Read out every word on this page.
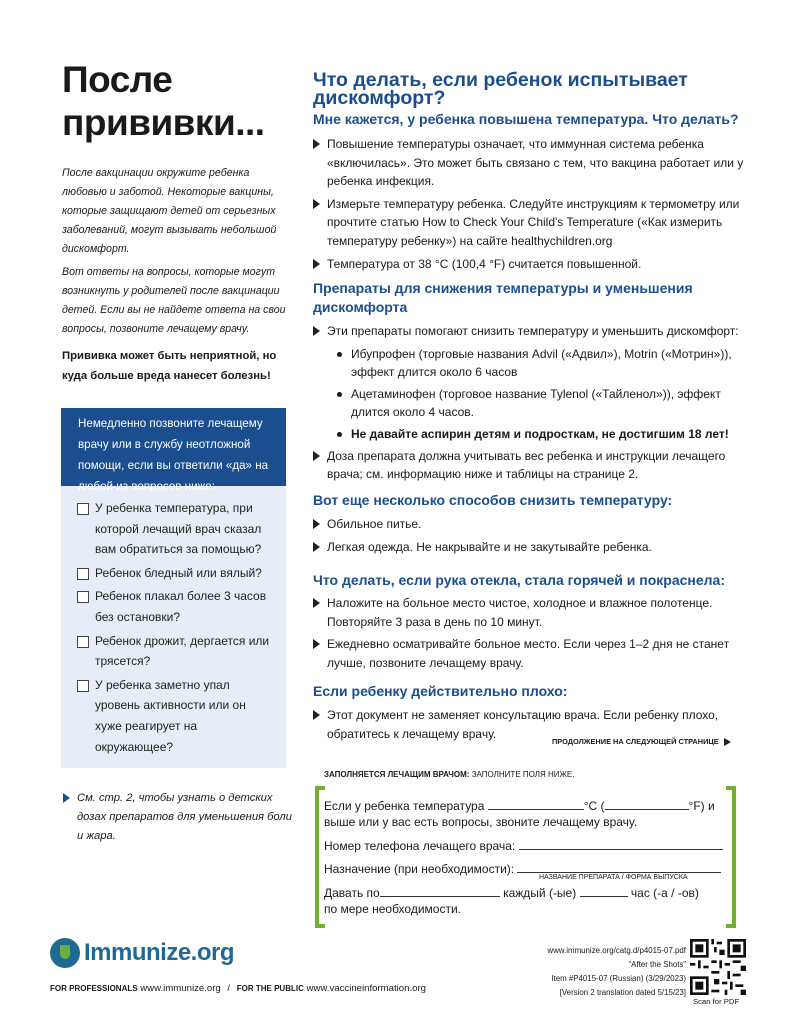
После
прививки...

После вакцинации окружите ребенка любовью и заботой. Некоторые вакцины, которые защищают детей от серьезных заболеваний, могут вызывать небольшой дискомфорт.

Вот ответы на вопросы, которые могут возникнуть у родителей после вакцинации детей. Если вы не найдете ответа на свои вопросы, позвоните лечащему врачу.

Прививка может быть неприятной, но куда больше вреда нанесет болезнь!

Немедленно позвоните лечащему врачу или в службу неотложной помощи, если вы ответили «да» на любой из вопросов ниже:
У ребенка температура, при которой лечащий врач сказал вам обратиться за помощью?
Ребенок бледный или вялый?
Ребенок плакал более 3 часов без остановки?
Ребенок дрожит, дергается или трясется?
У ребенка заметно упал уровень активности или он хуже реагирует на окружающее?
См. стр. 2, чтобы узнать о детских дозах препаратов для уменьшения боли и жара.
Что делать, если ребенок испытывает дискомфорт?
Мне кажется, у ребенка повышена температура. Что делать?
Повышение температуры означает, что иммунная система ребенка «включилась». Это может быть связано с тем, что вакцина работает или у ребенка инфекция.
Измерьте температуру ребенка. Следуйте инструкциям к термометру или прочтите статью How to Check Your Child's Temperature («Как измерить температуру ребенку») на сайте healthychildren.org
Температура от 38 °C (100,4 °F) считается повышенной.
Препараты для снижения температуры и уменьшения дискомфорта
Эти препараты помогают снизить температуру и уменьшить дискомфорт:
Ибупрофен (торговые названия Advil («Адвил»), Motrin («Мотрин»)), эффект длится около 6 часов
Ацетаминофен (торговое название Tylenol («Тайленол»)), эффект длится около 4 часов.
Не давайте аспирин детям и подросткам, не достигшим 18 лет!
Доза препарата должна учитывать вес ребенка и инструкции лечащего врача; см. информацию ниже и таблицы на странице 2.
Вот еще несколько способов снизить температуру:
Обильное питье.
Легкая одежда. Не накрывайте и не закутывайте ребенка.
Что делать, если рука отекла, стала горячей и покраснела:
Наложите на больное место чистое, холодное и влажное полотенце. Повторяйте 3 раза в день по 10 минут.
Ежедневно осматривайте больное место. Если через 1–2 дня не станет лучше, позвоните лечащему врачу.
Если ребенку действительно плохо:
Этот документ не заменяет консультацию врача. Если ребенку плохо, обратитесь к лечащему врачу.
ПРОДОЛЖЕНИЕ НА СЛЕДУЮЩЕЙ СТРАНИЦЕ
ЗАПОЛНЯЕТСЯ ЛЕЧАЩИМ ВРАЧОМ: ЗАПОЛНИТЕ ПОЛЯ НИЖЕ.
Если у ребенка температура	°C (	°F) и
выше или у вас есть вопросы, звоните лечащему врачу.
Номер телефона лечащего врача:
Назначение (при необходимости):
НАЗВАНИЕ ПРЕПАРАТА / ФОРМА ВЫПУСКА
Давать по	каждый (-ые)	час (-а / -ов)
по мере необходимости.
Immunize.org
FOR PROFESSIONALS www.immunize.org / FOR THE PUBLIC www.vaccineinformation.org
www.immunize.org/catg.d/p4015-07.pdf
“After the Shots”
Item #P4015-07 (Russian) (3/29/2023)
[Version 2 translation dated 5/15/23]
Scan for PDF
